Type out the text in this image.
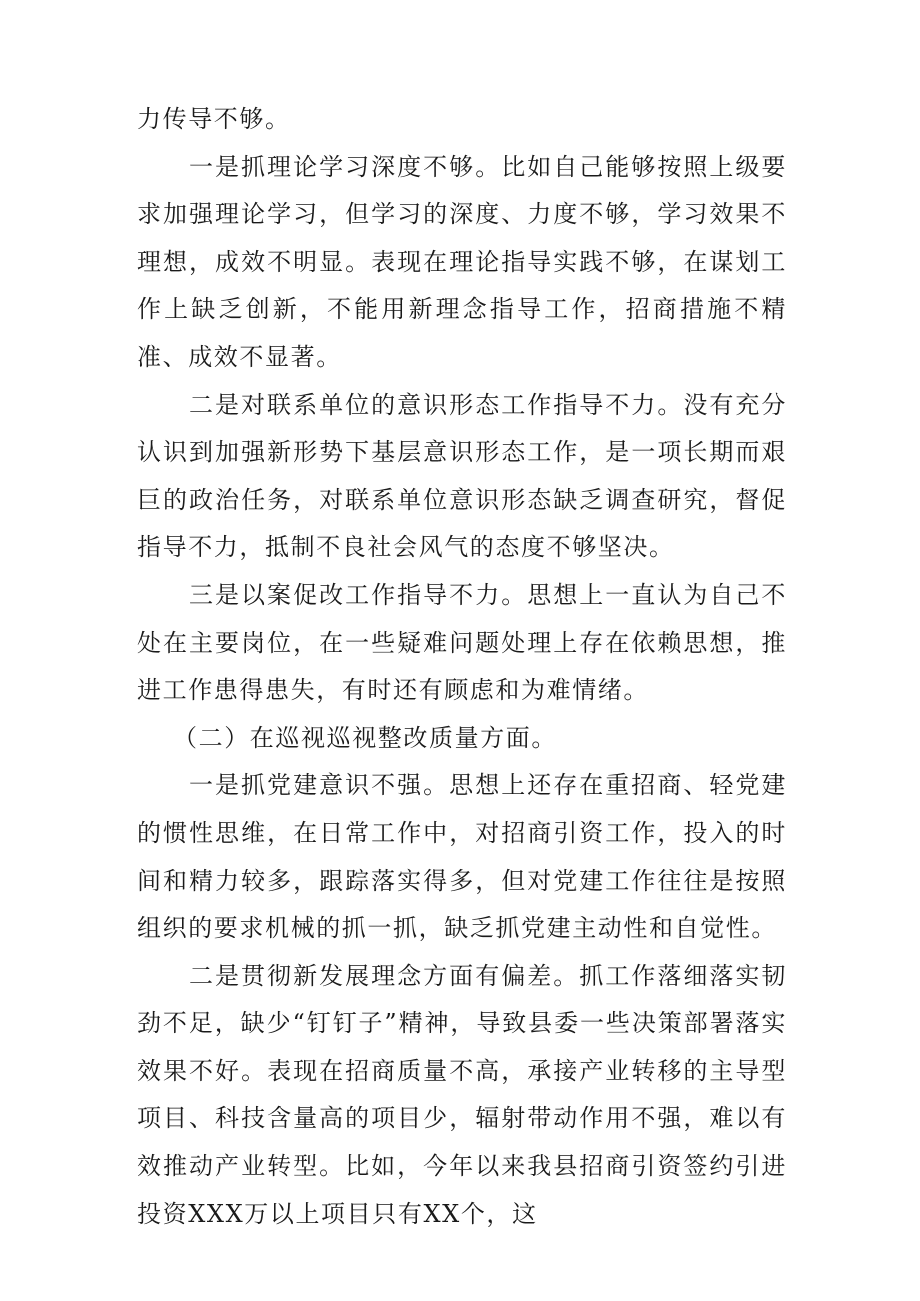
力传导不够。

一是抓理论学习深度不够。比如自己能够按照上级要求加强理论学习，但学习的深度、力度不够，学习效果不理想，成效不明显。表现在理论指导实践不够，在谋划工作上缺乏创新，不能用新理念指导工作，招商措施不精准、成效不显著。

二是对联系单位的意识形态工作指导不力。没有充分认识到加强新形势下基层意识形态工作，是一项长期而艰巨的政治任务，对联系单位意识形态缺乏调查研究，督促指导不力，抵制不良社会风气的态度不够坚决。

三是以案促改工作指导不力。思想上一直认为自己不处在主要岗位，在一些疑难问题处理上存在依赖思想，推进工作患得患失，有时还有顾虑和为难情绪。

（二）在巡视巡视整改质量方面。

一是抓党建意识不强。思想上还存在重招商、轻党建的惯性思维，在日常工作中，对招商引资工作，投入的时间和精力较多，跟踪落实得多，但对党建工作往往是按照组织的要求机械的抓一抓，缺乏抓党建主动性和自觉性。

二是贯彻新发展理念方面有偏差。抓工作落细落实韧劲不足，缺少“钉钉子”精神，导致县委一些决策部署落实效果不好。表现在招商质量不高，承接产业转移的主导型项目、科技含量高的项目少，辐射带动作用不强，难以有效推动产业转型。比如，今年以来我县招商引资签约引进投资XXX万以上项目只有XX个，这
